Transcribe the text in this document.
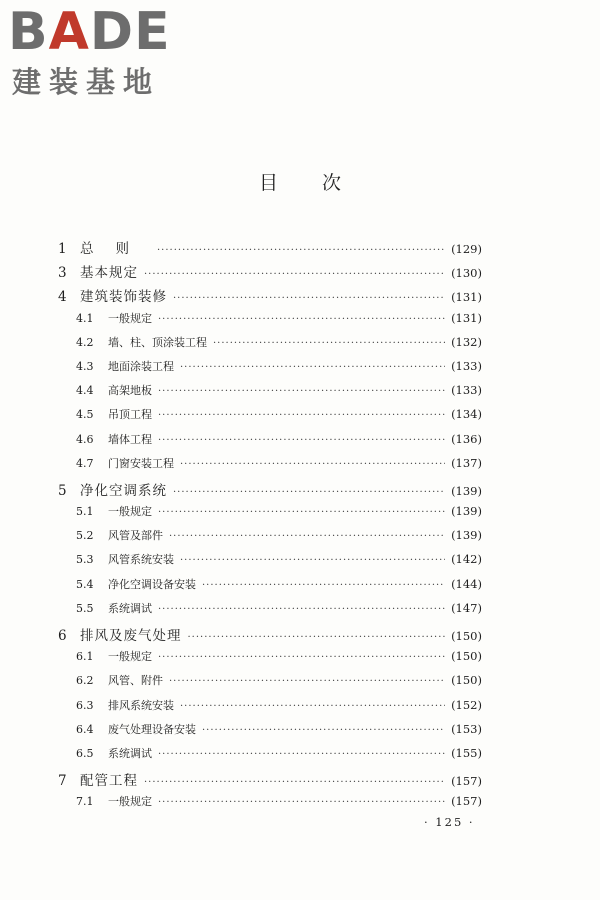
BADE
建装基地
目次
1 总则 ·····	(129)
3 基本规定 ·····	(130)
4 建筑装饰装修 ·····	(131)
4.1	一般规定 ·····	(131)
4.2	墙、柱、顶涂装工程 ·····	(132)
4.3	地面涂装工程 ·····	(133)
4.4	高架地板 ·····	(133)
4.5	吊顶工程 ·····	(134)
4.6	墙体工程 ·····	(136)
4.7	门窗安装工程 ·····	(137)
5 净化空调系统 ·····	(139)
5.1	一般规定 ·····	(139)
5.2	风管及部件 ·····	(139)
5.3	风管系统安装 ·····	(142)
5.4	净化空调设备安装 ·····	(144)
5.5	系统调试 ·····	(147)
6 排风及废气处理 ·····	(150)
6.1	一般规定 ·····	(150)
6.2	风管、附件 ·····	(150)
6.3	排风系统安装 ·····	(152)
6.4	废气处理设备安装 ·····	(153)
6.5	系统调试 ·····	(155)
7 配管工程 ·····	(157)
7.1	一般规定 ·····	(157)
· 125 ·
